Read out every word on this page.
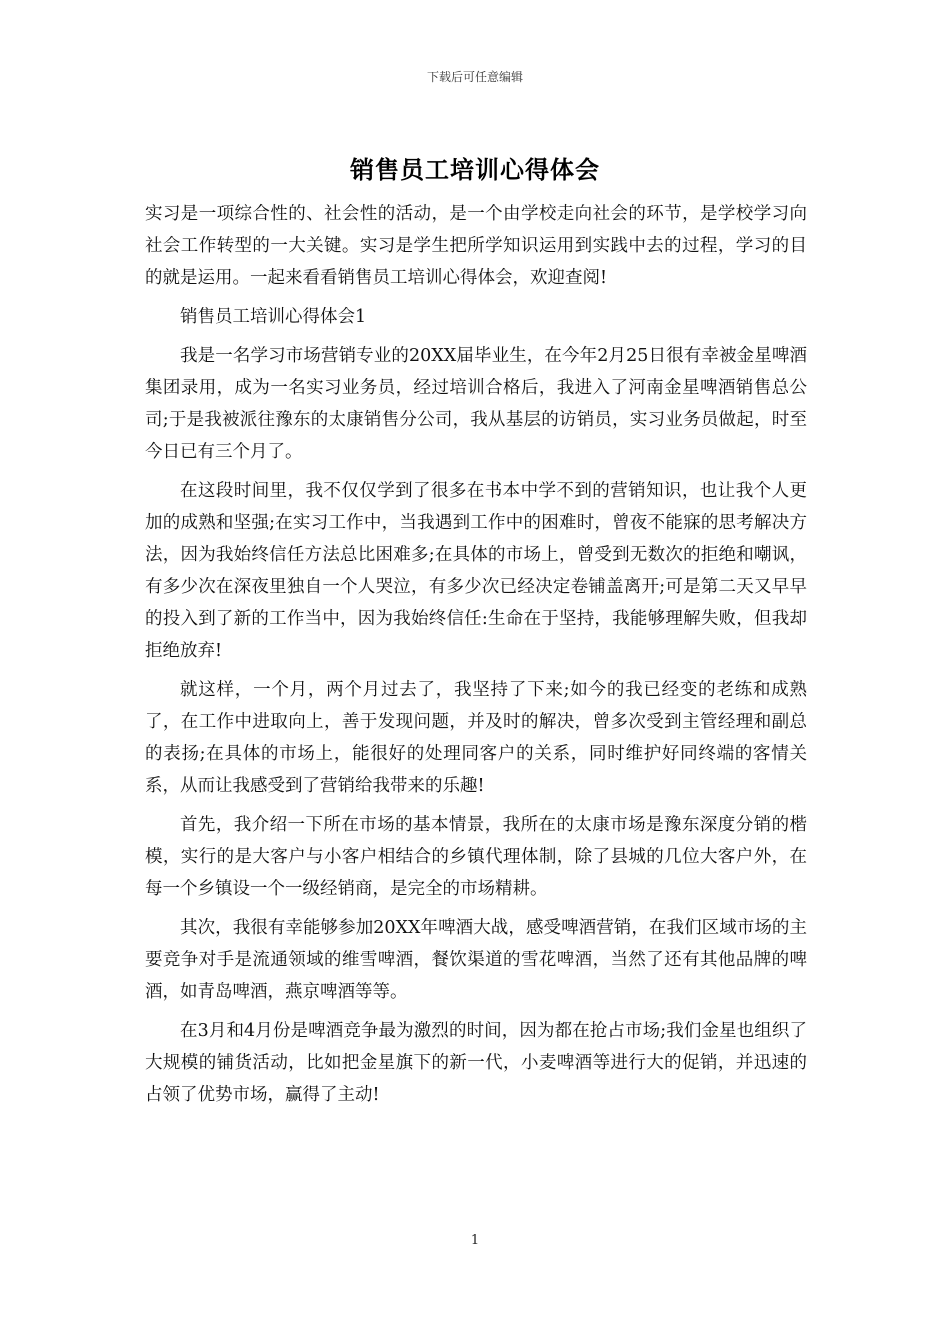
下载后可任意编辑
销售员工培训心得体会

实习是一项综合性的、社会性的活动，是一个由学校走向社会的环节，是学校学习向社会工作转型的一大关键。实习是学生把所学知识运用到实践中去的过程，学习的目的就是运用。一起来看看销售员工培训心得体会，欢迎查阅!

销售员工培训心得体会1

我是一名学习市场营销专业的20XX届毕业生，在今年2月25日很有幸被金星啤酒集团录用，成为一名实习业务员，经过培训合格后，我进入了河南金星啤酒销售总公司;于是我被派往豫东的太康销售分公司，我从基层的访销员，实习业务员做起，时至今日已有三个月了。

在这段时间里，我不仅仅学到了很多在书本中学不到的营销知识，也让我个人更加的成熟和坚强;在实习工作中，当我遇到工作中的困难时，曾夜不能寐的思考解决方法，因为我始终信任方法总比困难多;在具体的市场上，曾受到无数次的拒绝和嘲讽，有多少次在深夜里独自一个人哭泣，有多少次已经决定卷铺盖离开;可是第二天又早早的投入到了新的工作当中，因为我始终信任:生命在于坚持，我能够理解失败，但我却拒绝放弃!

就这样，一个月，两个月过去了，我坚持了下来;如今的我已经变的老练和成熟了，在工作中进取向上，善于发现问题，并及时的解决，曾多次受到主管经理和副总的表扬;在具体的市场上，能很好的处理同客户的关系，同时维护好同终端的客情关系，从而让我感受到了营销给我带来的乐趣!

首先，我介绍一下所在市场的基本情景，我所在的太康市场是豫东深度分销的楷模，实行的是大客户与小客户相结合的乡镇代理体制，除了县城的几位大客户外，在每一个乡镇设一个一级经销商，是完全的市场精耕。

其次，我很有幸能够参加20XX年啤酒大战，感受啤酒营销，在我们区域市场的主要竞争对手是流通领域的维雪啤酒，餐饮渠道的雪花啤酒，当然了还有其他品牌的啤酒，如青岛啤酒，燕京啤酒等等。

在3月和4月份是啤酒竞争最为激烈的时间，因为都在抢占市场;我们金星也组织了大规模的铺货活动，比如把金星旗下的新一代，小麦啤酒等进行大的促销，并迅速的占领了优势市场，赢得了主动!

1
